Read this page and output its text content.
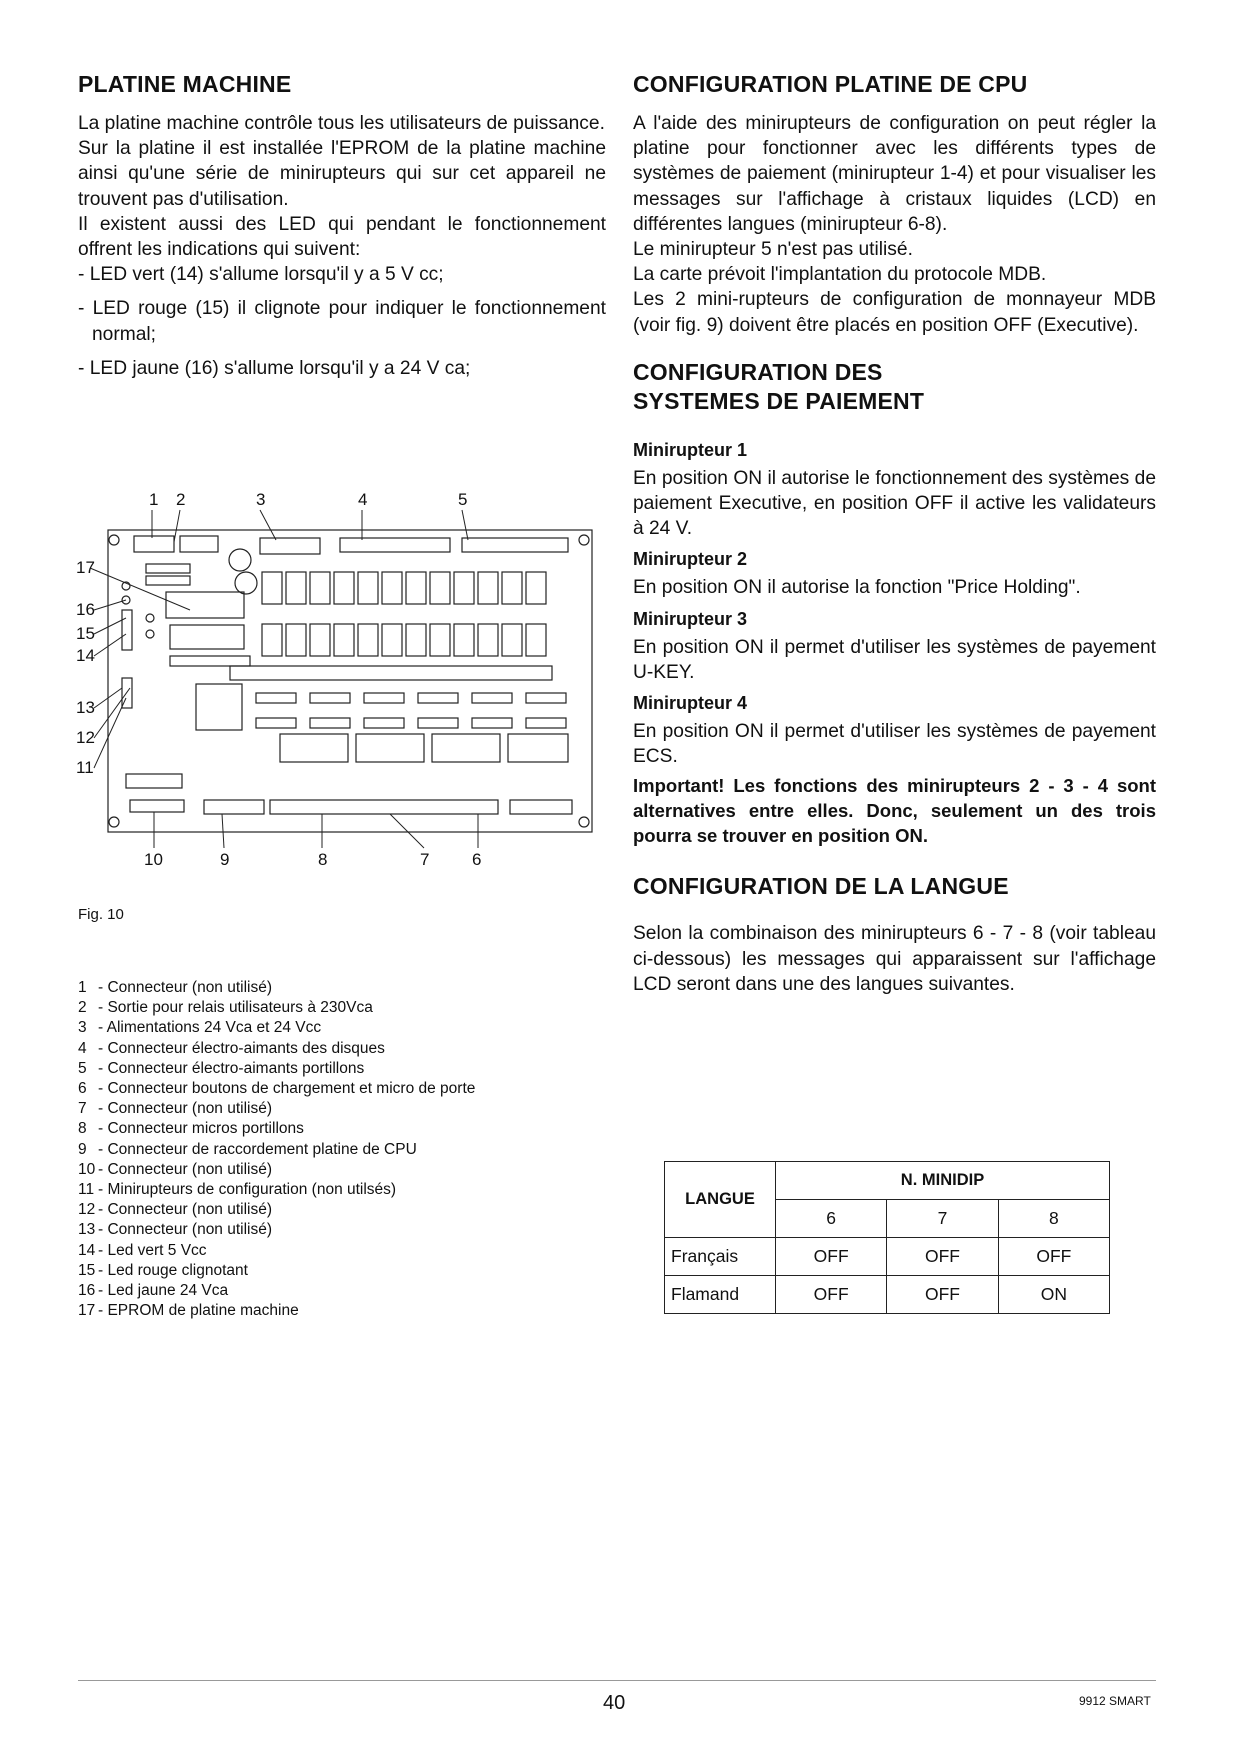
PLATINE MACHINE

La platine machine contrôle tous les utilisateurs de puissance.

Sur la platine il est installée l'EPROM de la platine machine ainsi qu'une série de minirupteurs qui sur cet appareil ne trouvent pas d'utilisation.

Il existent aussi des LED qui pendant le fonctionnement offrent les indications qui suivent:

- LED vert (14) s'allume lorsqu'il y a 5 V cc;

- LED rouge (15) il clignote pour indiquer le fonctionnement normal;

- LED jaune (16) s'allume lorsqu'il y a 24 V ca;

1 2	3	4	5
6
7
8
9
10
11
12
13
14
15
16
17
Fig. 10
1 - Connecteur (non utilisé)
2 - Sortie pour relais utilisateurs à 230Vca
3 - Alimentations 24 Vca et 24 Vcc
4 - Connecteur électro-aimants des disques
5 - Connecteur électro-aimants portillons
6 - Connecteur boutons de chargement et micro de porte
7 - Connecteur (non utilisé)
8 - Connecteur micros portillons
9 - Connecteur de raccordement platine de CPU
10 - Connecteur (non utilisé)
11 - Minirupteurs de configuration (non utilsés)
12 - Connecteur (non utilisé)
13 - Connecteur (non utilisé)
14 - Led vert 5 Vcc
15 - Led rouge clignotant
16 - Led jaune 24 Vca
17 - EPROM de platine machine
CONFIGURATION PLATINE DE CPU

A l'aide des minirupteurs de configuration on peut régler la platine pour fonctionner avec les différents types de systèmes de paiement (minirupteur 1-4) et pour visualiser les messages sur l'affichage à cristaux liquides (LCD) en différentes langues (minirupteur 6-8).

Le minirupteur 5 n'est pas utilisé.

La carte prévoit l'implantation du protocole MDB.

Les 2 mini-rupteurs de configuration de monnayeur MDB (voir fig. 9) doivent être placés en position OFF (Executive).

CONFIGURATION DES
SYSTEMES DE PAIEMENT

Minirupteur 1

En position ON il autorise le fonctionnement des systèmes de paiement Executive, en position OFF il active les validateurs à 24 V.

Minirupteur 2

En position ON il autorise la fonction "Price Holding".

Minirupteur 3

En position ON il permet d'utiliser les systèmes de payement U-KEY.

Minirupteur 4

En position ON il permet d'utiliser les systèmes de payement ECS.

Important! Les fonctions des minirupteurs 2 - 3 - 4 sont alternatives entre elles. Donc, seulement un des trois pourra se trouver en position ON.

CONFIGURATION DE LA LANGUE

Selon la combinaison des minirupteurs 6 - 7 - 8 (voir tableau ci-dessous) les messages qui apparaissent sur l'affichage LCD seront dans une des langues suivantes.

LANGUE	N. MINIDIP		
	6	7	8
Français	OFF	OFF	OFF
Flamand	OFF	OFF	ON
40	9912 SMART
